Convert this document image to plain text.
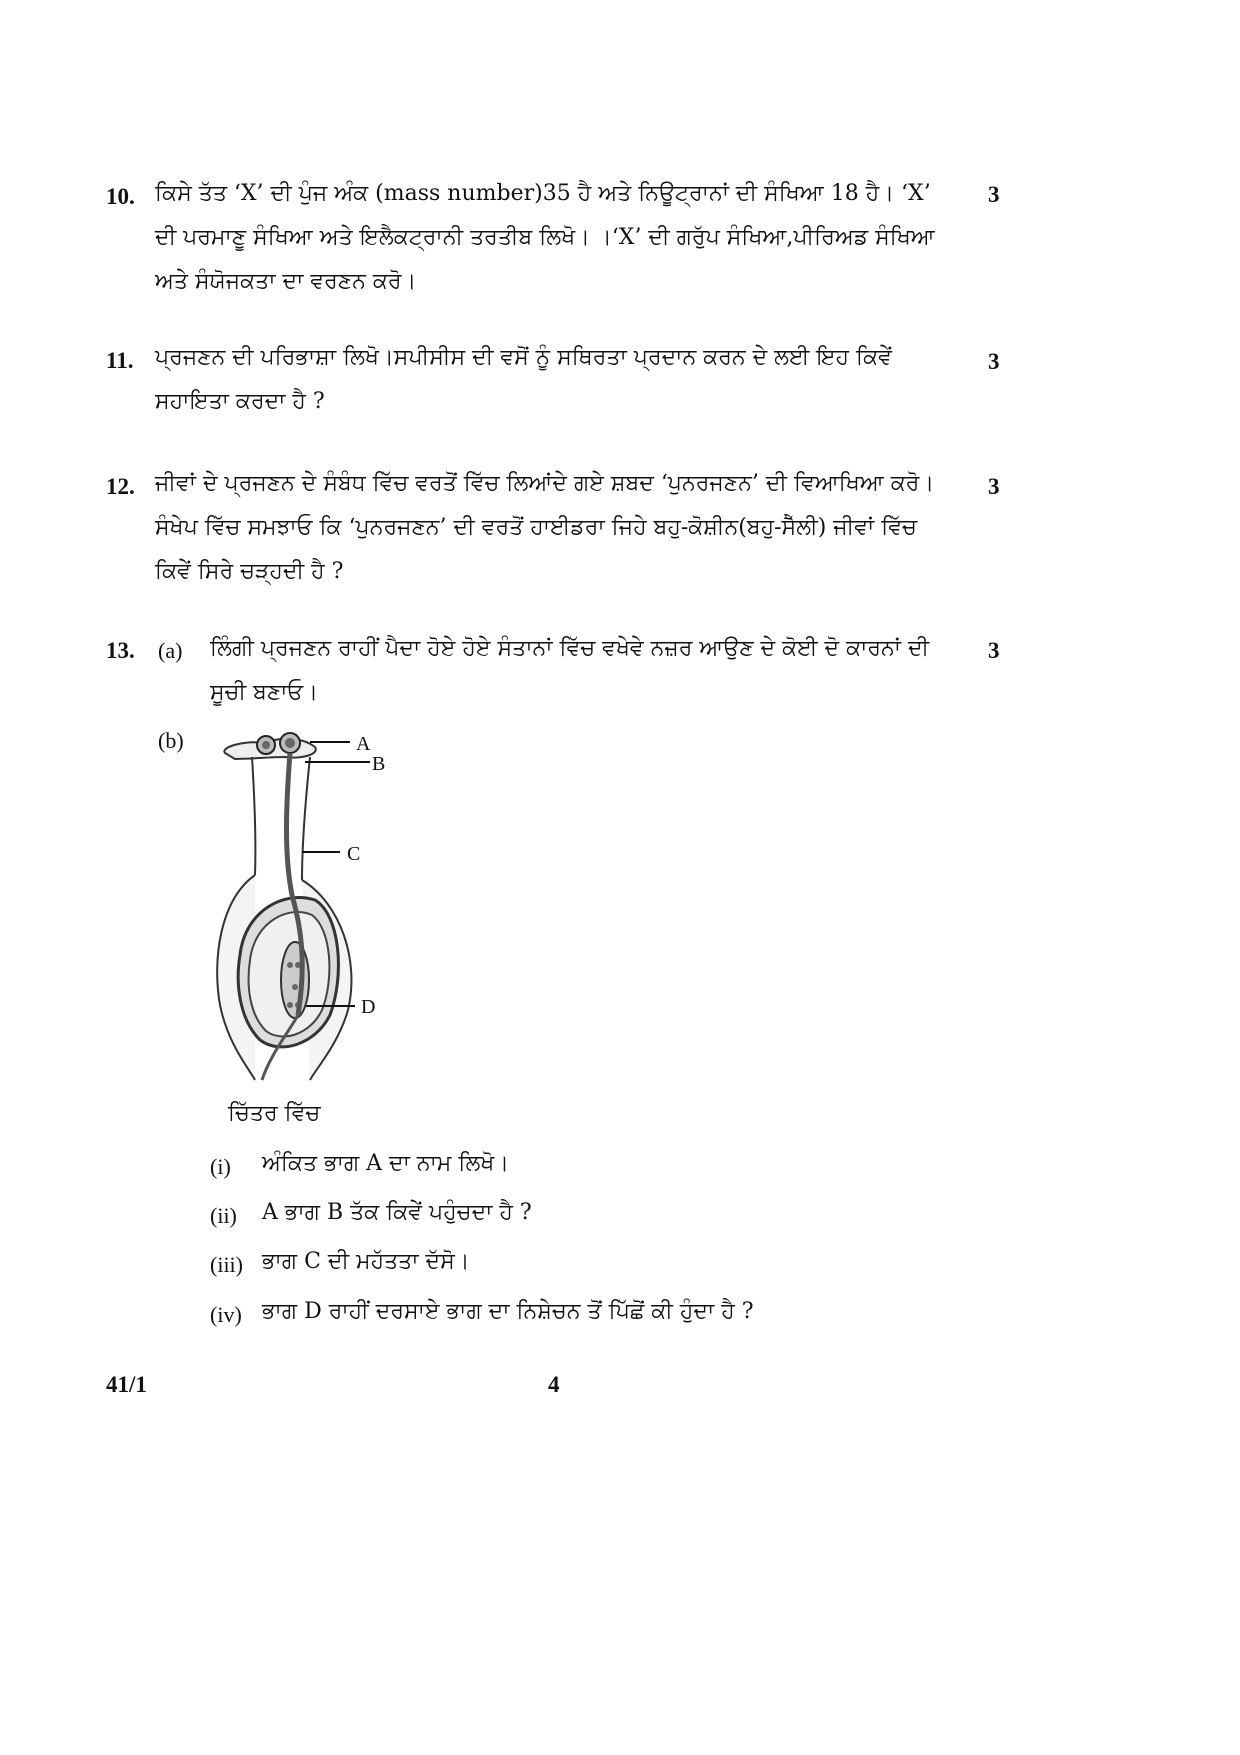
10. ਕਿਸੇ ਤੱਤ ‘X’ ਦੀ ਪੁੰਜ ਅੰਕ (mass number)35 ਹੈ ਅਤੇ ਨਿਊਟ੍ਰਾਨਾਂ ਦੀ ਸੰਖਿਆ 18 ਹੈ। ‘X’ ਦੀ ਪਰਮਾਣੂ ਸੰਖਿਆ ਅਤੇ ਇਲੈਕਟ੍ਰਾਨੀ ਤਰਤੀਬ ਲਿਖੋ। ।‘X’ ਦੀ ਗਰੁੱਪ ਸੰਖਿਆ,ਪੀਰਿਅਡ ਸੰਖਿਆ ਅਤੇ ਸੰਯੋਜਕਤਾ ਦਾ ਵਰਣਨ ਕਰੋ।
3
11. ਪ੍ਰਜਣਨ ਦੀ ਪਰਿਭਾਸ਼ਾ ਲਿਖੋ।ਸਪੀਸੀਸ ਦੀ ਵਸੋਂ ਨੂੰ ਸਥਿਰਤਾ ਪ੍ਰਦਾਨ ਕਰਨ ਦੇ ਲਈ ਇਹ ਕਿਵੇਂ ਸਹਾਇਤਾ ਕਰਦਾ ਹੈ ?
3
12. ਜੀਵਾਂ ਦੇ ਪ੍ਰਜਣਨ ਦੇ ਸੰਬੰਧ ਵਿੱਚ ਵਰਤੋਂ ਵਿੱਚ ਲਿਆਂਦੇ ਗਏ ਸ਼ਬਦ ‘ਪੁਨਰਜਣਨ’ ਦੀ ਵਿਆਖਿਆ ਕਰੋ। ਸੰਖੇਪ ਵਿੱਚ ਸਮਝਾਓ ਕਿ ‘ਪੁਨਰਜਣਨ’ ਦੀ ਵਰਤੋਂ ਹਾਈਡਰਾ ਜਿਹੇ ਬਹੁ-ਕੋਸ਼ੀਨ(ਬਹੁ-ਸੈੱਲੀ) ਜੀਵਾਂ ਵਿੱਚ ਕਿਵੇਂ ਸਿਰੇ ਚੜ੍ਹਦੀ ਹੈ ?
3
13. (a) ਲਿੰਗੀ ਪ੍ਰਜਣਨ ਰਾਹੀਂ ਪੈਦਾ ਹੋਏ ਹੋਏ ਸੰਤਾਨਾਂ ਵਿੱਚ ਵਖੇਵੇ ਨਜ਼ਰ ਆਉਣ ਦੇ ਕੋਈ ਦੋ ਕਾਰਨਾਂ ਦੀ ਸੂਚੀ ਬਣਾਓ।
3
(b)	A
B
C
D
ਚਿੱਤਰ ਵਿੱਚ
(i) ਅੰਕਿਤ ਭਾਗ A ਦਾ ਨਾਮ ਲਿਖੋ।
(ii) A ਭਾਗ B ਤੱਕ ਕਿਵੇਂ ਪਹੁੰਚਦਾ ਹੈ ?
(iii) ਭਾਗ C ਦੀ ਮਹੱਤਤਾ ਦੱਸੋ।
(iv) ਭਾਗ D ਰਾਹੀਂ ਦਰਸਾਏ ਭਾਗ ਦਾ ਨਿਸ਼ੇਚਨ ਤੋਂ ਪਿੱਛੋਂ ਕੀ ਹੁੰਦਾ ਹੈ ?
41/1	4
